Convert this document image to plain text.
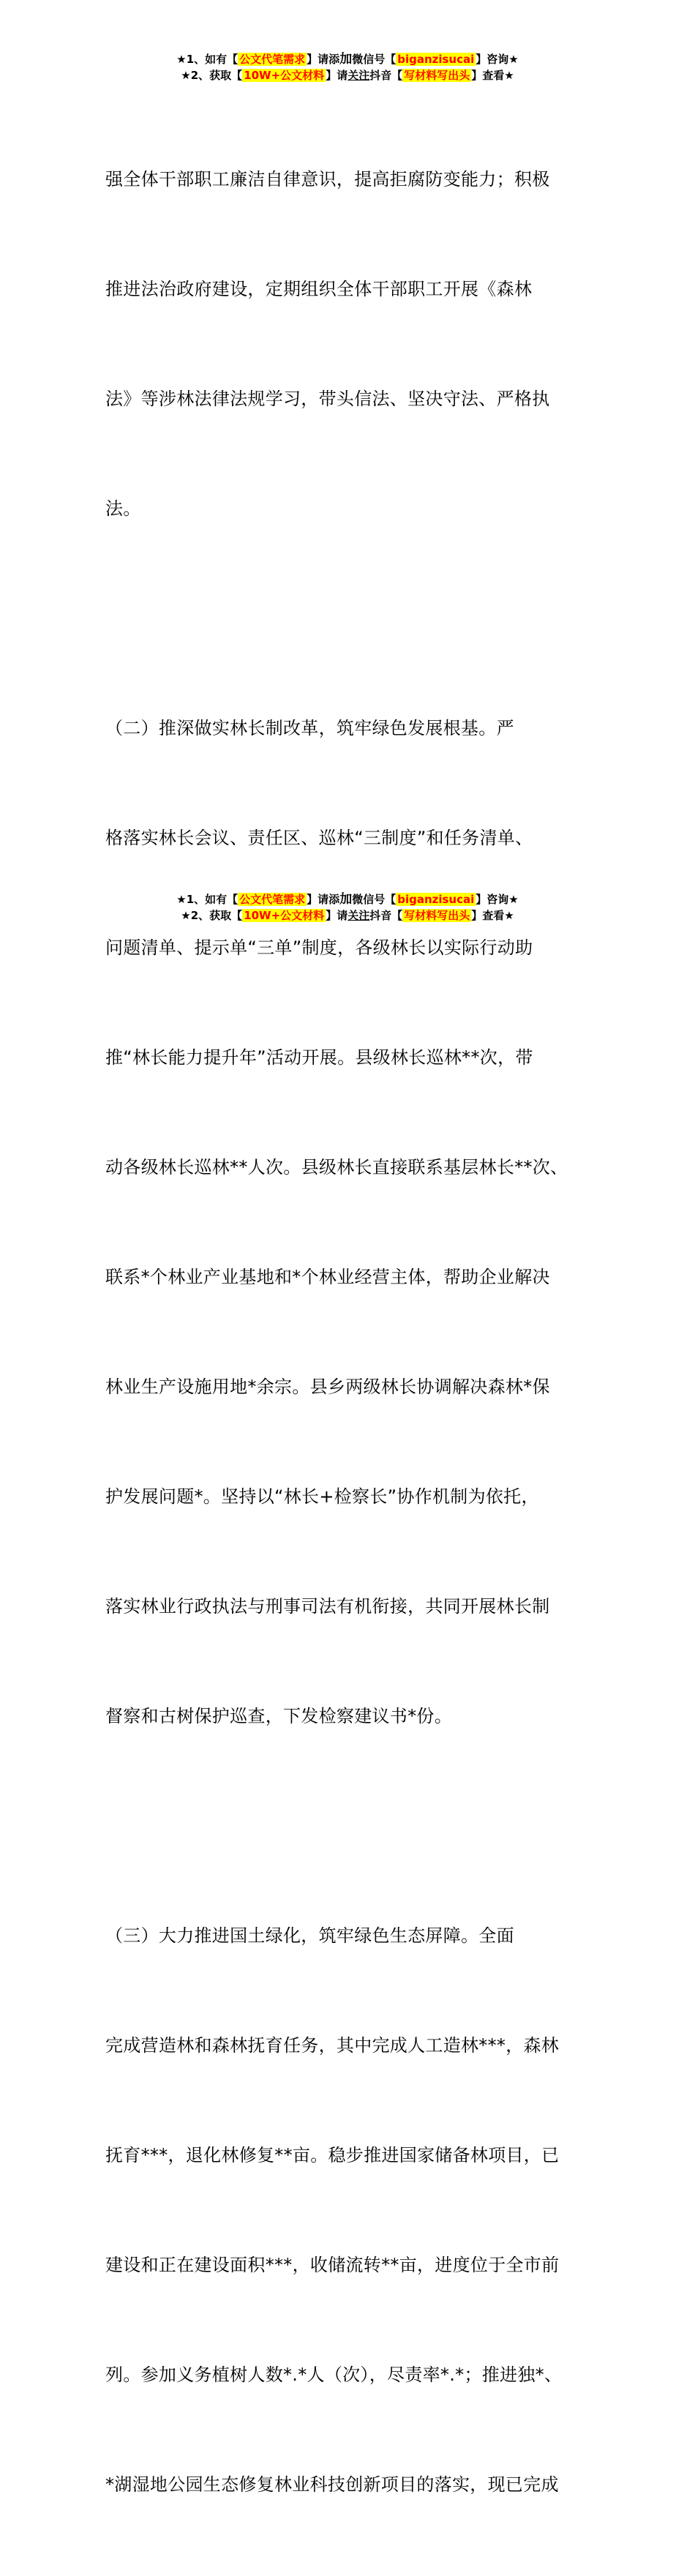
★1、如有【 公文代笔需求 】请添加微信号【 biganzisucai 】咨询★
★2、获取【 10W+公文材料 】请关注抖音【 写材料写出头 】查看★

强全体干部职工廉洁自律意识，提高拒腐防变能力；积极

推进法治政府建设，定期组织全体干部职工开展《森林

法》等涉林法律法规学习，带头信法、坚决守法、严格执

法。

（二）推深做实林长制改革，筑牢绿色发展根基。严

格落实林长会议、责任区、巡林“三制度”和任务清单、

问题清单、提示单“三单”制度，各级林长以实际行动助

推“林长能力提升年”活动开展。县级林长巡林**次，带

动各级林长巡林**人次。县级林长直接联系基层林长**次、

联系*个林业产业基地和*个林业经营主体，帮助企业解决

林业生产设施用地*余宗。县乡两级林长协调解决森林*保

护发展问题*。坚持以“林长+检察长”协作机制为依托，

落实林业行政执法与刑事司法有机衔接，共同开展林长制

督察和古树保护巡查，下发检察建议书*份。

（三）大力推进国土绿化，筑牢绿色生态屏障。全面

完成营造林和森林抚育任务，其中完成人工造林***，森林

抚育***，退化林修复**亩。稳步推进国家储备林项目，已

建设和正在建设面积***，收储流转**亩，进度位于全市前

列。参加义务植树人数*.*人（次），尽责率*.*；推进独*、

*湖湿地公园生态修复林业科技创新项目的落实，现已完成

★1、如有【 公文代笔需求 】请添加微信号【 biganzisucai 】咨询★
★2、获取【 10W+公文材料 】请关注抖音【 写材料写出头 】查看★
